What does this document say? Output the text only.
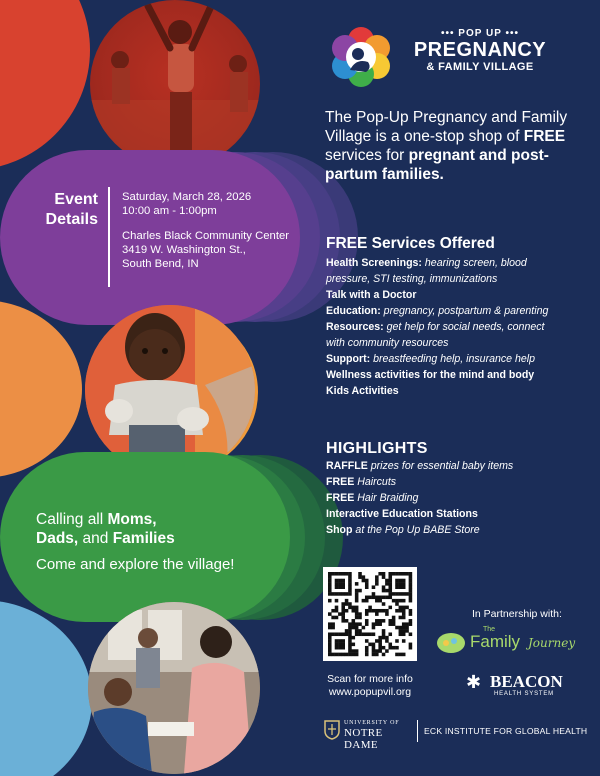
Event
Details
Saturday, March 28, 2026
10:00 am - 1:00pm
Charles Black Community Center
3419 W. Washington St.,
South Bend, IN
Calling all Moms,
Dads, and Families
Come and explore the village!
••• POP UP •••
PREGNANCY
& FAMILY VILLAGE
The Pop-Up Pregnancy and Family Village is a one-stop shop of FREE services for pregnant and post-partum families.
FREE Services Offered
Health Screenings: hearing screen, blood
pressure, STI testing, immunizations
Talk with a Doctor
Education: pregnancy, postpartum & parenting
Resources: get help for social needs, connect
with community resources
Support: breastfeeding help, insurance help
Wellness activities for the mind and body
Kids Activities
HIGHLIGHTS
RAFFLE prizes for essential baby items
FREE Haircuts
FREE Hair Braiding
Interactive Education Stations
Shop at the Pop Up BABE Store
Scan for more info
www.popupvil.org
In Partnership with:
The
Family Journey
✱ BEACON
HEALTH SYSTEM
UNIVERSITY OF
NOTRE DAME
ECK INSTITUTE FOR GLOBAL HEALTH
